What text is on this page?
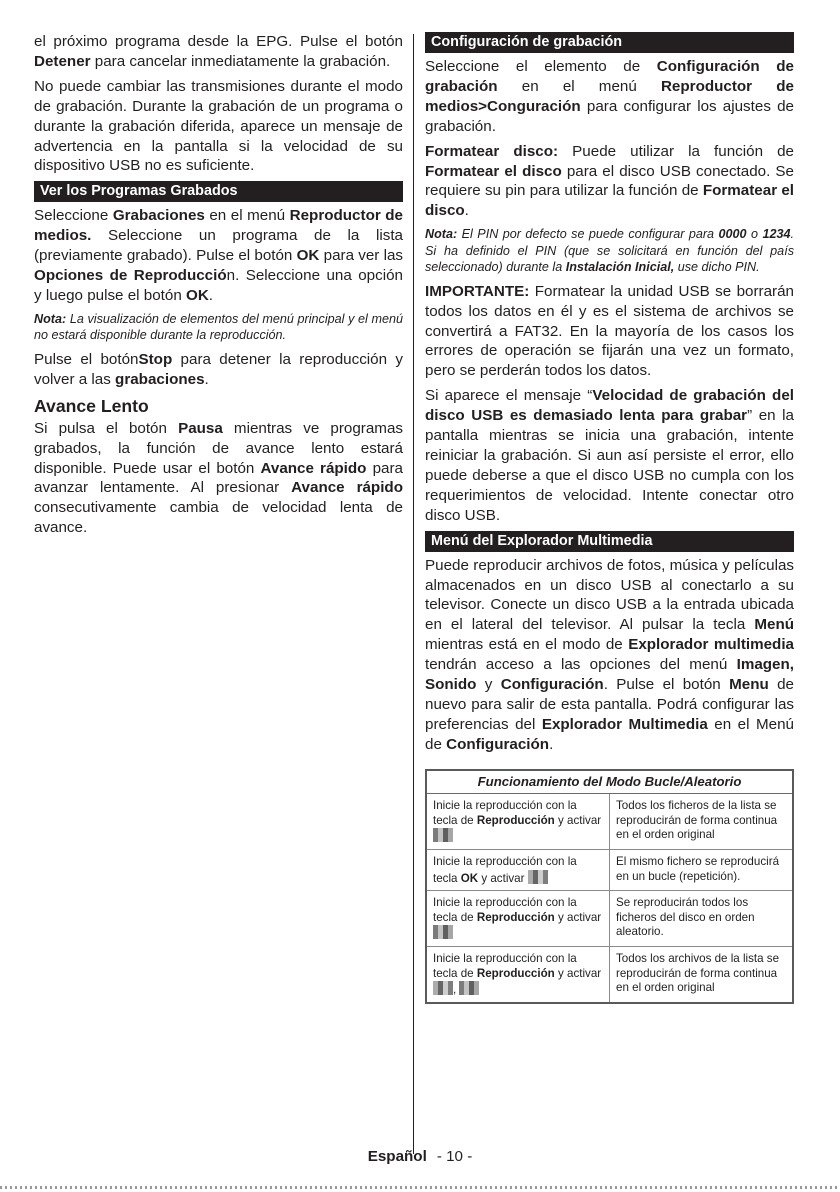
el próximo programa desde la EPG. Pulse el botón Detener para cancelar inmediatamente la grabación.

No puede cambiar las transmisiones durante el modo de grabación. Durante la grabación de un programa o durante la grabación diferida, aparece un mensaje de advertencia en la pantalla si la velocidad de su dispositivo USB no es suficiente.

Ver los Programas Grabados

Seleccione Grabaciones en el menú Reproductor de medios. Seleccione un programa de la lista (previamente grabado). Pulse el botón OK para ver las Opciones de Reproducción. Seleccione una opción y luego pulse el botón OK.

Nota: La visualización de elementos del menú principal y el menú no estará disponible durante la reproducción.

Pulse el botónStop para detener la reproducción y volver a las grabaciones.

Avance Lento

Si pulsa el botón Pausa mientras ve programas grabados, la función de avance lento estará disponible. Puede usar el botón Avance rápido para avanzar lentamente. Al presionar Avance rápido consecutivamente cambia de velocidad lenta de avance.

Configuración de grabación

Seleccione el elemento de Configuración de grabación en el menú Reproductor de medios>Conguración para configurar los ajustes de grabación.

Formatear disco: Puede utilizar la función de Formatear el disco para el disco USB conectado. Se requiere su pin para utilizar la función de Formatear el disco.

Nota: El PIN por defecto se puede configurar para 0000 o 1234. Si ha definido el PIN (que se solicitará en función del país seleccionado) durante la Instalación Inicial, use dicho PIN.

IMPORTANTE: Formatear la unidad USB se borrarán todos los datos en él y es el sistema de archivos se convertirá a FAT32. En la mayoría de los casos los errores de operación se fijarán una vez un formato, pero se perderán todos los datos.

Si aparece el mensaje “Velocidad de grabación del disco USB es demasiado lenta para grabar” en la pantalla mientras se inicia una grabación, intente reiniciar la grabación. Si aun así persiste el error, ello puede deberse a que el disco USB no cumpla con los requerimientos de velocidad. Intente conectar otro disco USB.

Menú del Explorador Multimedia

Puede reproducir archivos de fotos, música y películas almacenados en un disco USB al conectarlo a su televisor. Conecte un disco USB a la entrada ubicada en el lateral del televisor. Al pulsar la tecla Menú mientras está en el modo de Explorador multimedia tendrán acceso a las opciones del menú Imagen, Sonido y Configuración. Pulse el botón Menu de nuevo para salir de esta pantalla. Podrá configurar las preferencias del Explorador Multimedia en el Menú de Configuración.

Funcionamiento del Modo Bucle/Aleatorio	
Inicie la reproducción con la tecla de Reproducción y activar	Todos los ficheros de la lista se reproducirán de forma continua en el orden original
Inicie la reproducción con la tecla OK y activar	El mismo fichero se reproducirá en un bucle (repetición).
Inicie la reproducción con la tecla de Reproducción y activar	Se reproducirán todos los ficheros del disco en orden aleatorio.
Inicie la reproducción con la tecla de Reproducción y activar,	Todos los archivos de la lista se reproducirán de forma continua en el orden original
Español - 10 -
